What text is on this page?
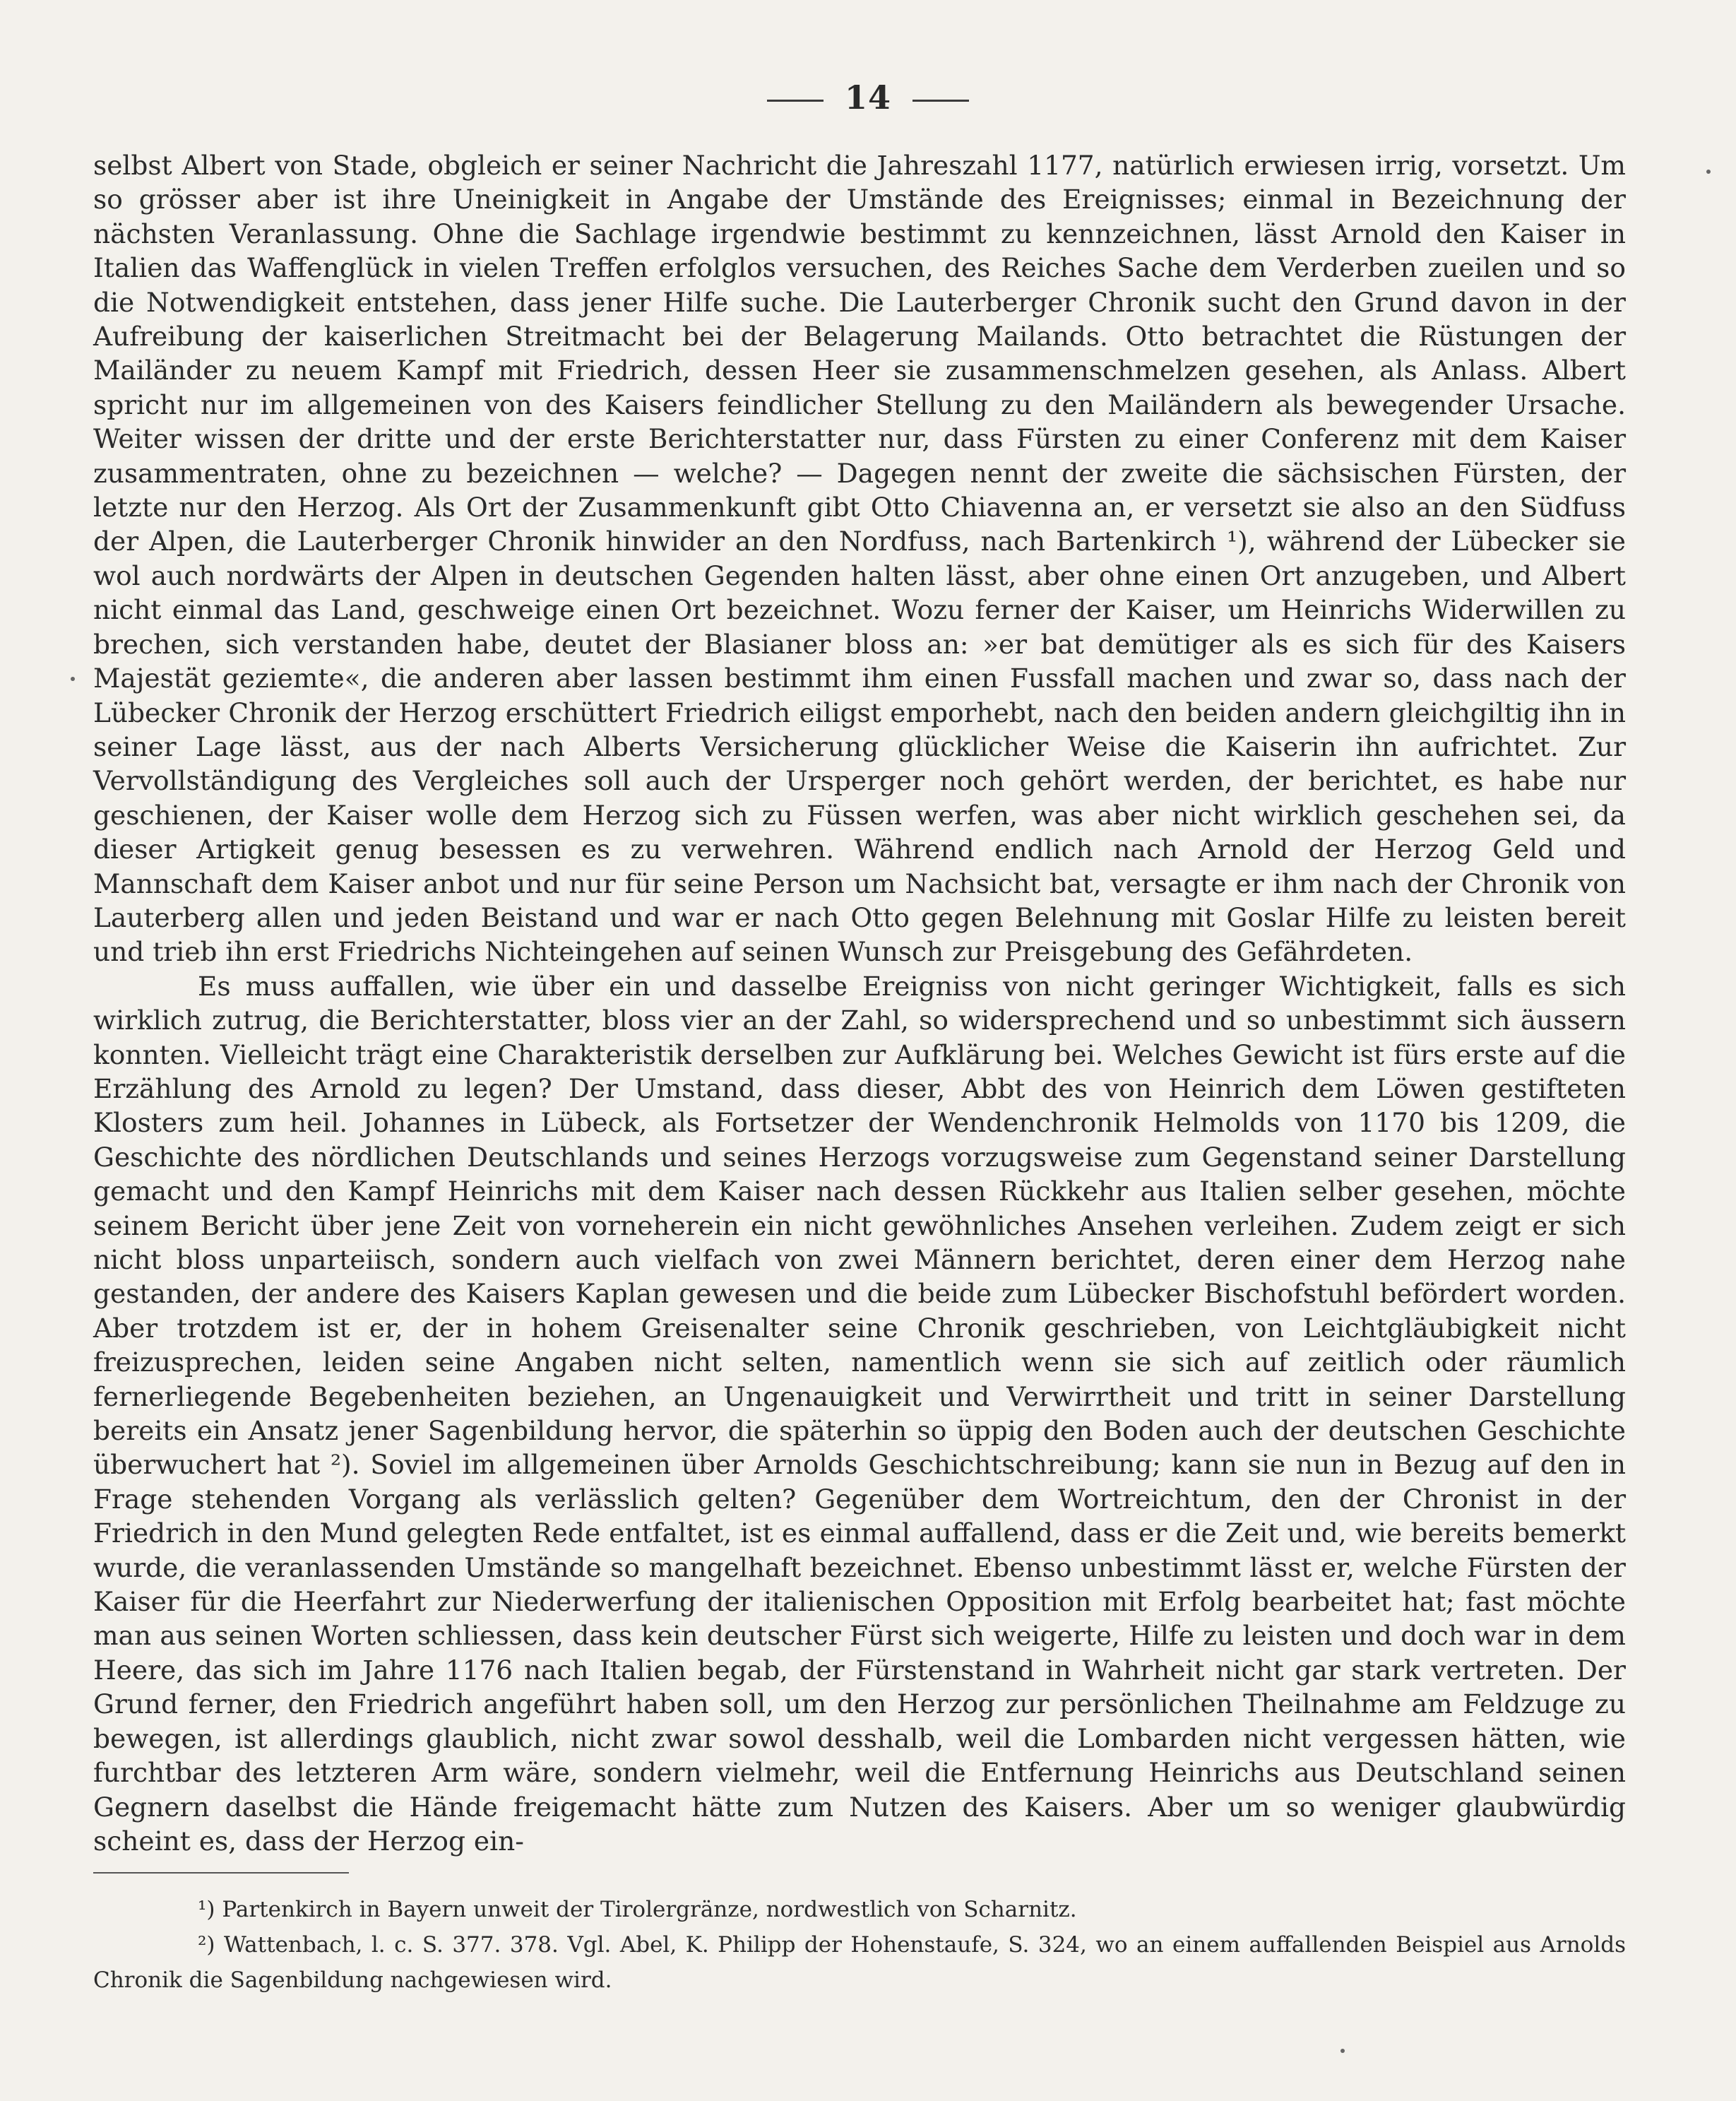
14

selbst Albert von Stade, obgleich er seiner Nachricht die Jahreszahl 1177, natürlich erwiesen irrig, vorsetzt. Um so grösser aber ist ihre Uneinigkeit in Angabe der Umstände des Ereignisses; einmal in Bezeichnung der nächsten Veranlassung. Ohne die Sachlage irgendwie bestimmt zu kennzeichnen, lässt Arnold den Kaiser in Italien das Waffenglück in vielen Treffen erfolglos versuchen, des Reiches Sache dem Verderben zueilen und so die Notwendigkeit entstehen, dass jener Hilfe suche. Die Lauterberger Chronik sucht den Grund davon in der Aufreibung der kaiserlichen Streitmacht bei der Belagerung Mailands. Otto betrachtet die Rüstungen der Mailänder zu neuem Kampf mit Friedrich, dessen Heer sie zusammenschmelzen gesehen, als Anlass. Albert spricht nur im allgemeinen von des Kaisers feindlicher Stellung zu den Mailändern als bewegender Ursache. Weiter wissen der dritte und der erste Berichterstatter nur, dass Fürsten zu einer Conferenz mit dem Kaiser zusammentraten, ohne zu bezeichnen — welche? — Dagegen nennt der zweite die sächsischen Fürsten, der letzte nur den Herzog. Als Ort der Zusammenkunft gibt Otto Chiavenna an, er versetzt sie also an den Südfuss der Alpen, die Lauterberger Chronik hinwider an den Nordfuss, nach Bartenkirch ¹), während der Lübecker sie wol auch nordwärts der Alpen in deutschen Gegenden halten lässt, aber ohne einen Ort anzugeben, und Albert nicht einmal das Land, geschweige einen Ort bezeichnet. Wozu ferner der Kaiser, um Heinrichs Widerwillen zu brechen, sich verstanden habe, deutet der Blasianer bloss an: »er bat demütiger als es sich für des Kaisers Majestät geziemte«, die anderen aber lassen bestimmt ihm einen Fussfall machen und zwar so, dass nach der Lübecker Chronik der Herzog erschüttert Friedrich eiligst emporhebt, nach den beiden andern gleichgiltig ihn in seiner Lage lässt, aus der nach Alberts Versicherung glücklicher Weise die Kaiserin ihn aufrichtet. Zur Vervollständigung des Vergleiches soll auch der Ursperger noch gehört werden, der berichtet, es habe nur geschienen, der Kaiser wolle dem Herzog sich zu Füssen werfen, was aber nicht wirklich geschehen sei, da dieser Artigkeit genug besessen es zu verwehren. Während endlich nach Arnold der Herzog Geld und Mannschaft dem Kaiser anbot und nur für seine Person um Nachsicht bat, versagte er ihm nach der Chronik von Lauterberg allen und jeden Beistand und war er nach Otto gegen Belehnung mit Goslar Hilfe zu leisten bereit und trieb ihn erst Friedrichs Nichteingehen auf seinen Wunsch zur Preisgebung des Gefährdeten.

Es muss auffallen, wie über ein und dasselbe Ereigniss von nicht geringer Wichtigkeit, falls es sich wirklich zutrug, die Berichterstatter, bloss vier an der Zahl, so widersprechend und so unbestimmt sich äussern konnten. Vielleicht trägt eine Charakteristik derselben zur Aufklärung bei. Welches Gewicht ist fürs erste auf die Erzählung des Arnold zu legen? Der Umstand, dass dieser, Abbt des von Heinrich dem Löwen gestifteten Klosters zum heil. Johannes in Lübeck, als Fortsetzer der Wendenchronik Helmolds von 1170 bis 1209, die Geschichte des nördlichen Deutschlands und seines Herzogs vorzugsweise zum Gegenstand seiner Darstellung gemacht und den Kampf Heinrichs mit dem Kaiser nach dessen Rückkehr aus Italien selber gesehen, möchte seinem Bericht über jene Zeit von vorneherein ein nicht gewöhnliches Ansehen verleihen. Zudem zeigt er sich nicht bloss unparteiisch, sondern auch vielfach von zwei Männern berichtet, deren einer dem Herzog nahe gestanden, der andere des Kaisers Kaplan gewesen und die beide zum Lübecker Bischofstuhl befördert worden. Aber trotzdem ist er, der in hohem Greisenalter seine Chronik geschrieben, von Leichtgläubigkeit nicht freizusprechen, leiden seine Angaben nicht selten, namentlich wenn sie sich auf zeitlich oder räumlich fernerliegende Begebenheiten beziehen, an Ungenauigkeit und Verwirrtheit und tritt in seiner Darstellung bereits ein Ansatz jener Sagenbildung hervor, die späterhin so üppig den Boden auch der deutschen Geschichte überwuchert hat ²). Soviel im allgemeinen über Arnolds Geschichtschreibung; kann sie nun in Bezug auf den in Frage stehenden Vorgang als verlässlich gelten? Gegenüber dem Wortreichtum, den der Chronist in der Friedrich in den Mund gelegten Rede entfaltet, ist es einmal auffallend, dass er die Zeit und, wie bereits bemerkt wurde, die veranlassenden Umstände so mangelhaft bezeichnet. Ebenso unbestimmt lässt er, welche Fürsten der Kaiser für die Heerfahrt zur Niederwerfung der italienischen Opposition mit Erfolg bearbeitet hat; fast möchte man aus seinen Worten schliessen, dass kein deutscher Fürst sich weigerte, Hilfe zu leisten und doch war in dem Heere, das sich im Jahre 1176 nach Italien begab, der Fürstenstand in Wahrheit nicht gar stark vertreten. Der Grund ferner, den Friedrich angeführt haben soll, um den Herzog zur persönlichen Theilnahme am Feldzuge zu bewegen, ist allerdings glaublich, nicht zwar sowol desshalb, weil die Lombarden nicht vergessen hätten, wie furchtbar des letzteren Arm wäre, sondern vielmehr, weil die Entfernung Heinrichs aus Deutschland seinen Gegnern daselbst die Hände freigemacht hätte zum Nutzen des Kaisers. Aber um so weniger glaubwürdig scheint es, dass der Herzog ein-

¹) Partenkirch in Bayern unweit der Tirolergränze, nordwestlich von Scharnitz.

²) Wattenbach, l. c. S. 377. 378. Vgl. Abel, K. Philipp der Hohenstaufe, S. 324, wo an einem auffallenden Beispiel aus Arnolds Chronik die Sagenbildung nachgewiesen wird.
